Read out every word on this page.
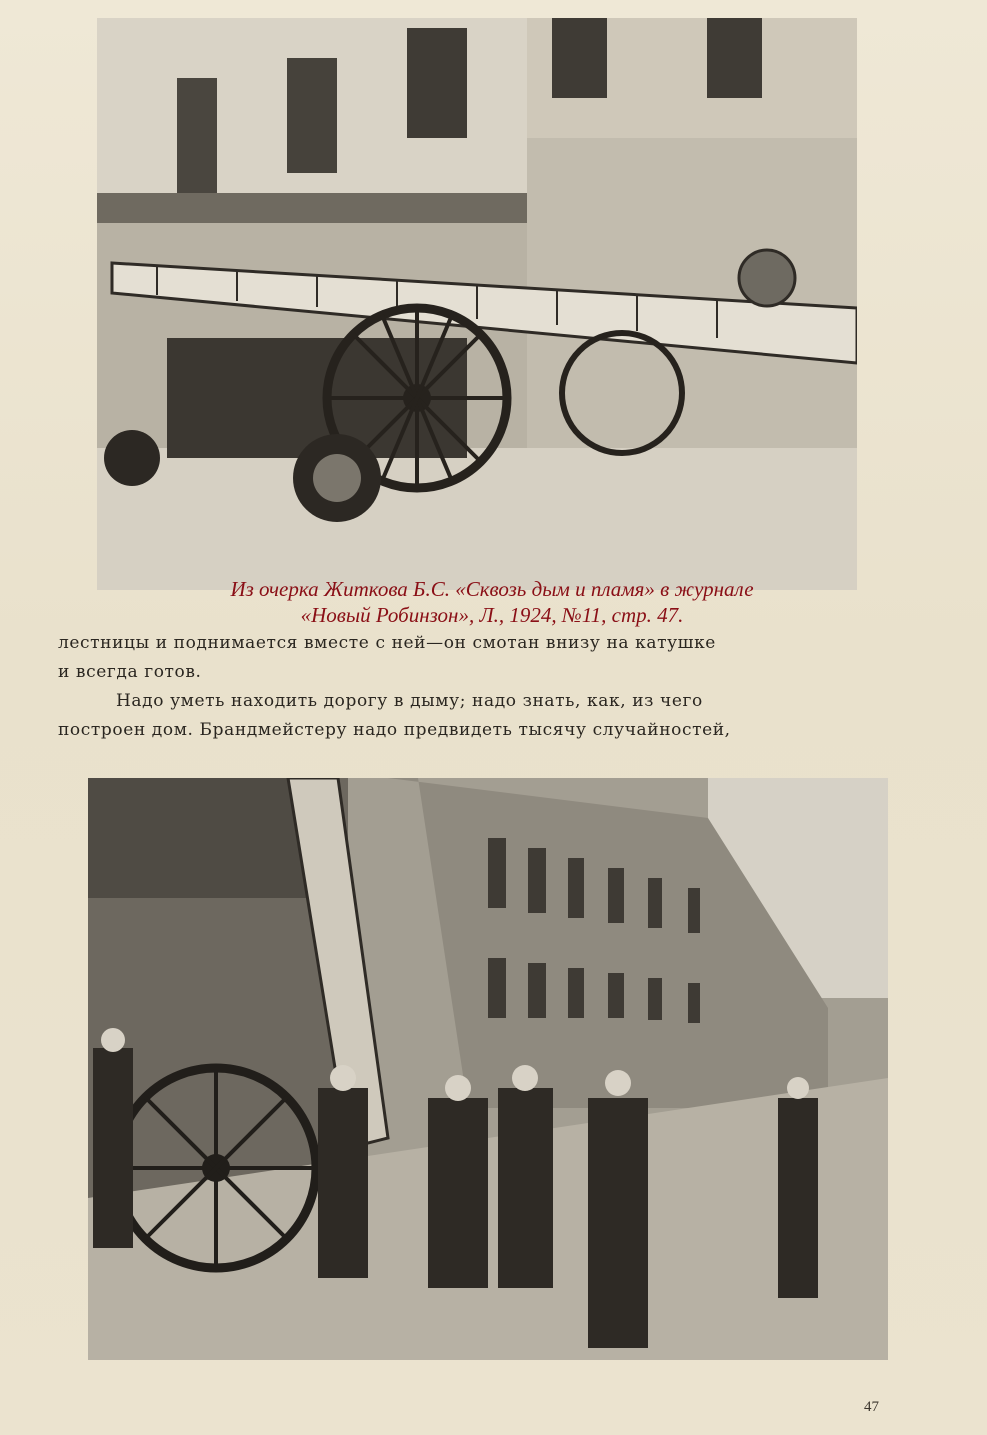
Из очерка Житкова Б.С. «Сквозь дым и пламя» в журнале
«Новый Робинзон», Л., 1924, №11, стр. 47.
лестницы и поднимается вместе с ней—он смотан внизу на катушке
и всегда готов.
Надо уметь находить дорогу в дыму; надо знать, как, из чего
построен дом. Брандмейстеру надо предвидеть тысячу случайностей,
47
